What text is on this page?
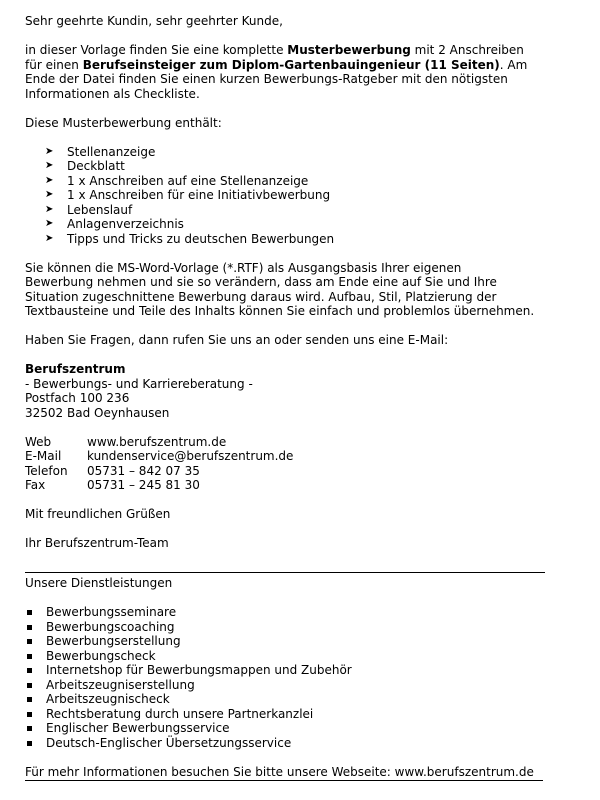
Sehr geehrte Kundin, sehr geehrter Kunde,

in dieser Vorlage finden Sie eine komplette Musterbewerbung mit 2 Anschreiben

für einen Berufseinsteiger zum Diplom-Gartenbauingenieur (11 Seiten). Am

Ende der Datei finden Sie einen kurzen Bewerbungs-Ratgeber mit den nötigsten

Informationen als Checkliste.

Diese Musterbewerbung enthält:

➤ Stellenanzeige
➤ Deckblatt
➤ 1 x Anschreiben auf eine Stellenanzeige
➤ 1 x Anschreiben für eine Initiativbewerbung
➤ Lebenslauf
➤ Anlagenverzeichnis
➤ Tipps und Tricks zu deutschen Bewerbungen

Sie können die MS-Word-Vorlage (*.RTF) als Ausgangsbasis Ihrer eigenen

Bewerbung nehmen und sie so verändern, dass am Ende eine auf Sie und Ihre

Situation zugeschnittene Bewerbung daraus wird. Aufbau, Stil, Platzierung der

Textbausteine und Teile des Inhalts können Sie einfach und problemlos übernehmen.

Haben Sie Fragen, dann rufen Sie uns an oder senden uns eine E-Mail:

Berufszentrum

- Bewerbungs- und Karriereberatung -

Postfach 100 236

32502 Bad Oeynhausen

Web	www.berufszentrum.de
E-Mail	kundenservice@berufszentrum.de
Telefon	05731 – 842 07 35
Fax	05731 – 245 81 30

Mit freundlichen Grüßen

Ihr Berufszentrum-Team

Unsere Dienstleistungen

Bewerbungsseminare
Bewerbungscoaching
Bewerbungserstellung
Bewerbungscheck
Internetshop für Bewerbungsmappen und Zubehör
Arbeitszeugniserstellung
Arbeitszeugnischeck
Rechtsberatung durch unsere Partnerkanzlei
Englischer Bewerbungsservice
Deutsch-Englischer Übersetzungsservice
Für mehr Informationen besuchen Sie bitte unsere Webseite: www.berufszentrum.de
